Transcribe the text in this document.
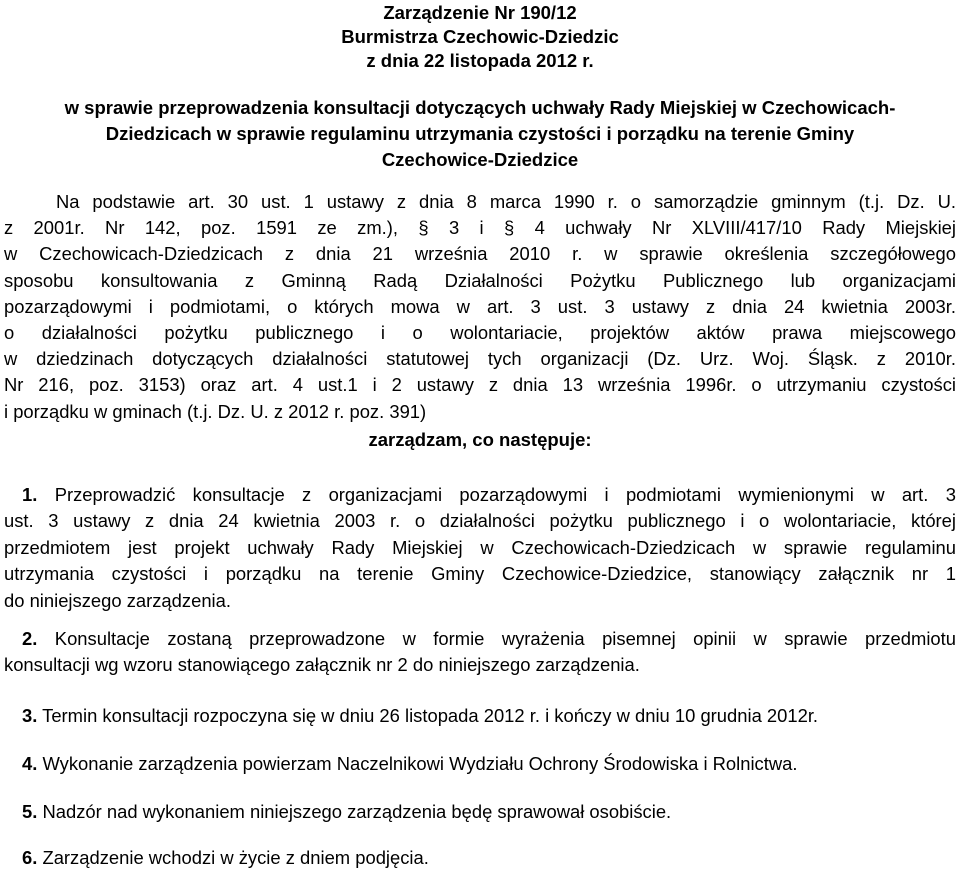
Zarządzenie Nr 190/12
Burmistrza Czechowic-Dziedzic
z dnia 22 listopada 2012 r.
w sprawie przeprowadzenia konsultacji dotyczących uchwały Rady Miejskiej w Czechowicach-
Dziedzicach w sprawie regulaminu utrzymania czystości i porządku na terenie Gminy
Czechowice-Dziedzice
Na podstawie art. 30 ust. 1 ustawy z dnia 8 marca 1990 r. o samorządzie gminnym (t.j. Dz. U.
z 2001r. Nr 142, poz. 1591 ze zm.), § 3 i § 4 uchwały Nr XLVIII/417/10 Rady Miejskiej
w Czechowicach-Dziedzicach z dnia 21 września 2010 r. w sprawie określenia szczegółowego
sposobu konsultowania z Gminną Radą Działalności Pożytku Publicznego lub organizacjami
pozarządowymi i podmiotami, o których mowa w art. 3 ust. 3 ustawy z dnia 24 kwietnia 2003r.
o działalności pożytku publicznego i o wolontariacie, projektów aktów prawa miejscowego
w dziedzinach dotyczących działalności statutowej tych organizacji (Dz. Urz. Woj. Śląsk. z 2010r.
Nr 216, poz. 3153) oraz art. 4 ust.1 i 2 ustawy z dnia 13 września 1996r. o utrzymaniu czystości
i porządku w gminach (t.j. Dz. U. z 2012 r. poz. 391)
zarządzam, co następuje:
1. Przeprowadzić konsultacje z organizacjami pozarządowymi i podmiotami wymienionymi w art. 3
ust. 3 ustawy z dnia 24 kwietnia 2003 r. o działalności pożytku publicznego i o wolontariacie, której
przedmiotem jest projekt uchwały Rady Miejskiej w Czechowicach-Dziedzicach w sprawie regulaminu
utrzymania czystości i porządku na terenie Gminy Czechowice-Dziedzice, stanowiący załącznik nr 1
do niniejszego zarządzenia.
2. Konsultacje zostaną przeprowadzone w formie wyrażenia pisemnej opinii w sprawie przedmiotu
konsultacji wg wzoru stanowiącego załącznik nr 2 do niniejszego zarządzenia.
3. Termin konsultacji rozpoczyna się w dniu 26 listopada 2012 r. i kończy w dniu 10 grudnia 2012r.
4. Wykonanie zarządzenia powierzam Naczelnikowi Wydziału Ochrony Środowiska i Rolnictwa.
5. Nadzór nad wykonaniem niniejszego zarządzenia będę sprawował osobiście.
6. Zarządzenie wchodzi w życie z dniem podjęcia.
